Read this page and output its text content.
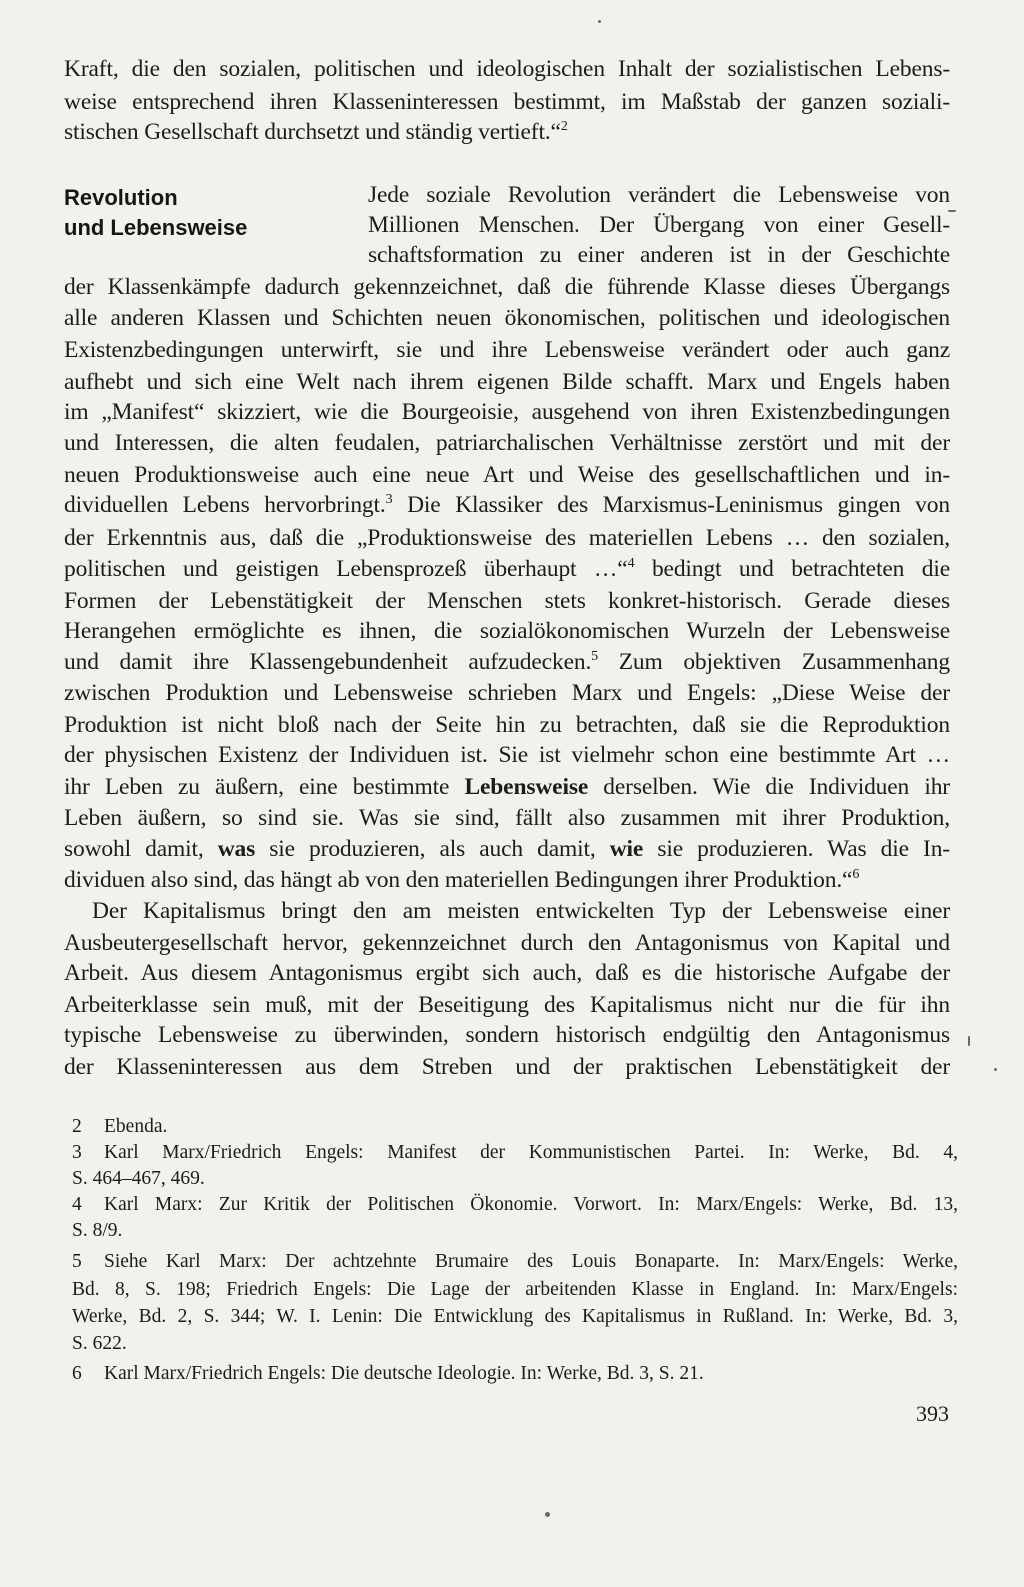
Kraft, die den sozialen, politischen und ideologischen Inhalt der sozialistischen Lebens-
weise entsprechend ihren Klasseninteressen bestimmt, im Maßstab der ganzen soziali-
stischen Gesellschaft durchsetzt und ständig vertieft.“$^2$
Revolution
und Lebensweise
Jede soziale Revolution verändert die Lebensweise von
Millionen Menschen. Der Übergang von einer Gesell-
schaftsformation zu einer anderen ist in der Geschichte
der Klassenkämpfe dadurch gekennzeichnet, daß die führende Klasse dieses Übergangs
alle anderen Klassen und Schichten neuen ökonomischen, politischen und ideologischen
Existenzbedingungen unterwirft, sie und ihre Lebensweise verändert oder auch ganz
aufhebt und sich eine Welt nach ihrem eigenen Bilde schafft. Marx und Engels haben
im „Manifest“ skizziert, wie die Bourgeoisie, ausgehend von ihren Existenzbedingungen
und Interessen, die alten feudalen, patriarchalischen Verhältnisse zerstört und mit der
neuen Produktionsweise auch eine neue Art und Weise des gesellschaftlichen und in-
dividuellen Lebens hervorbringt.$^3$ Die Klassiker des Marxismus-Leninismus gingen von
der Erkenntnis aus, daß die „Produktionsweise des materiellen Lebens … den sozialen,
politischen und geistigen Lebensprozeß überhaupt …“$^4$ bedingt und betrachteten die
Formen der Lebenstätigkeit der Menschen stets konkret-historisch. Gerade dieses
Herangehen ermöglichte es ihnen, die sozialökonomischen Wurzeln der Lebensweise
und damit ihre Klassengebundenheit aufzudecken.$^5$ Zum objektiven Zusammenhang
zwischen Produktion und Lebensweise schrieben Marx und Engels: „Diese Weise der
Produktion ist nicht bloß nach der Seite hin zu betrachten, daß sie die Reproduktion
der physischen Existenz der Individuen ist. Sie ist vielmehr schon eine bestimmte Art …
ihr Leben zu äußern, eine bestimmte Lebensweise derselben. Wie die Individuen ihr
Leben äußern, so sind sie. Was sie sind, fällt also zusammen mit ihrer Produktion,
sowohl damit, was sie produzieren, als auch damit, wie sie produzieren. Was die In-
dividuen also sind, das hängt ab von den materiellen Bedingungen ihrer Produktion.“$^6$
Der Kapitalismus bringt den am meisten entwickelten Typ der Lebensweise einer
Ausbeutergesellschaft hervor, gekennzeichnet durch den Antagonismus von Kapital und
Arbeit. Aus diesem Antagonismus ergibt sich auch, daß es die historische Aufgabe der
Arbeiterklasse sein muß, mit der Beseitigung des Kapitalismus nicht nur die für ihn
typische Lebensweise zu überwinden, sondern historisch endgültig den Antagonismus
der Klasseninteressen aus dem Streben und der praktischen Lebenstätigkeit der
2 Ebenda.
3 Karl Marx/Friedrich Engels: Manifest der Kommunistischen Partei. In: Werke, Bd. 4,
S. 464–467, 469.
4 Karl Marx: Zur Kritik der Politischen Ökonomie. Vorwort. In: Marx/Engels: Werke, Bd. 13,
S. 8/9.
5 Siehe Karl Marx: Der achtzehnte Brumaire des Louis Bonaparte. In: Marx/Engels: Werke,
Bd. 8, S. 198; Friedrich Engels: Die Lage der arbeitenden Klasse in England. In: Marx/Engels:
Werke, Bd. 2, S. 344; W. I. Lenin: Die Entwicklung des Kapitalismus in Rußland. In: Werke, Bd. 3,
S. 622.
6 Karl Marx/Friedrich Engels: Die deutsche Ideologie. In: Werke, Bd. 3, S. 21.
393
